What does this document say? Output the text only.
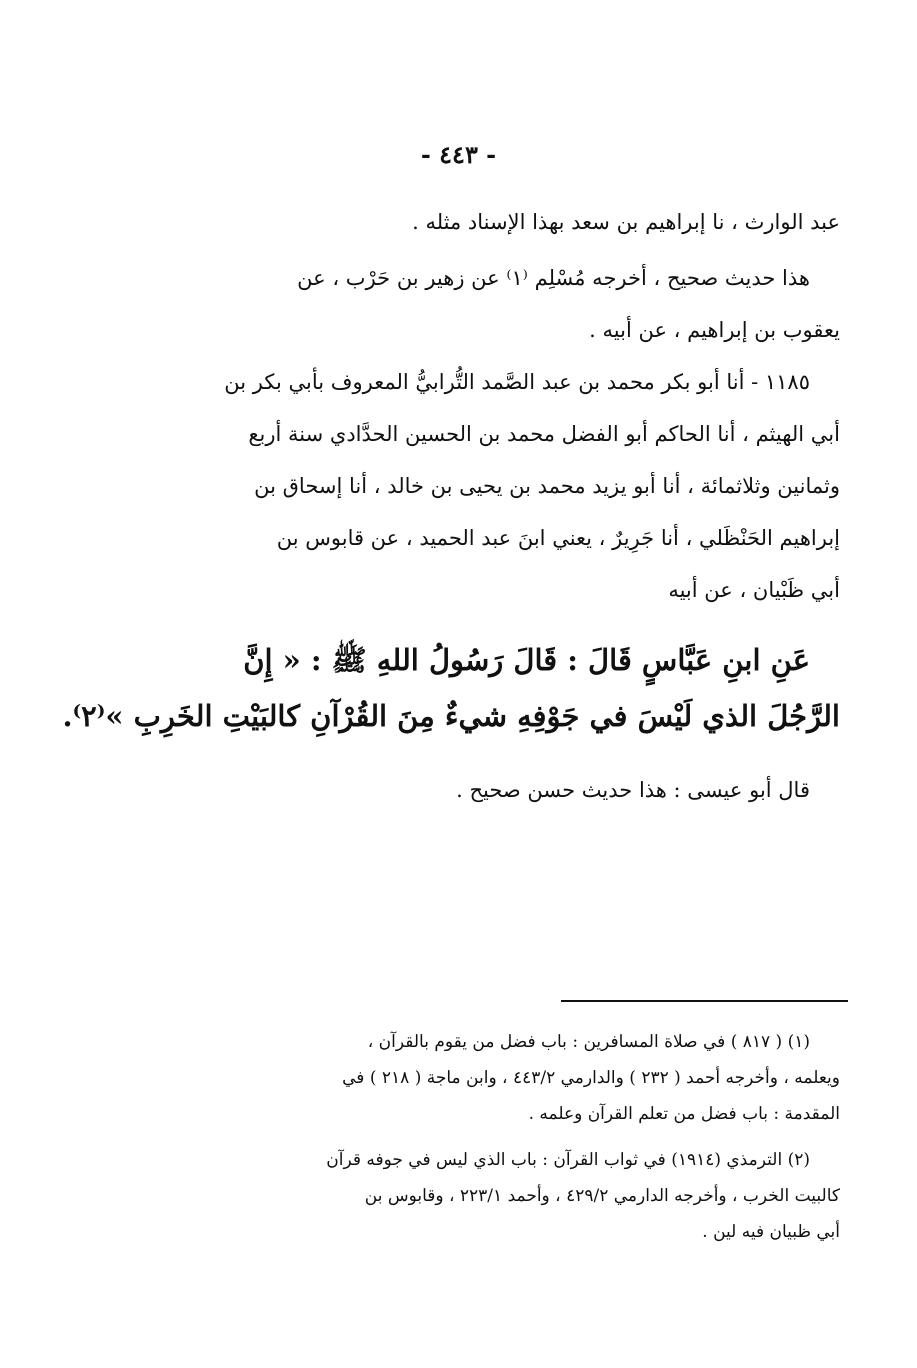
- ٤٤٣ -
عبد الوارث ، نا إبراهيم بن سعد بهذا الإسناد مثله .
هذا حديث صحيح ، أخرجه مُسْلِم ⁽١⁾ عن زهير بن حَرْب ، عن
يعقوب بن إبراهيم ، عن أبيه .
١١٨٥ - أنا أبو بكر محمد بن عبد الصَّمد التُّرابيُّ المعروف بأبي بكر بن
أبي الهيثم ، أنا الحاكم أبو الفضل محمد بن الحسين الحدَّادي سنة أربع
وثمانين وثلاثمائة ، أنا أبو يزيد محمد بن يحيى بن خالد ، أنا إسحاق بن
إبراهيم الحَنْظَلي ، أنا جَرِيرٌ ، يعني ابنَ عبد الحميد ، عن قابوس بن
أبي ظَبْيان ، عن أبيه
عَنِ ابنِ عَبَّاسٍ قَالَ : قَالَ رَسُولُ اللهِ ﷺ : « إِنَّ
الرَّجُلَ الذي لَيْسَ في جَوْفِهِ شيءٌ مِنَ القُرْآنِ كالبَيْتِ الخَرِبِ »⁽٢⁾.
قال أبو عيسى : هذا حديث حسن صحيح .
(١) ( ٨١٧ ) في صلاة المسافرين : باب فضل من يقوم بالقرآن ،
ويعلمه ، وأخرجه أحمد ( ٢٣٢ ) والدارمي ٤٤٣/٢ ، وابن ماجة ( ٢١٨ ) في
المقدمة : باب فضل من تعلم القرآن وعلمه .
(٢) الترمذي (١٩١٤) في ثواب القرآن : باب الذي ليس في جوفه قرآن
كالبيت الخرب ، وأخرجه الدارمي ٤٢٩/٢ ، وأحمد ٢٢٣/١ ، وقابوس بن
أبي ظبيان فيه لين .
